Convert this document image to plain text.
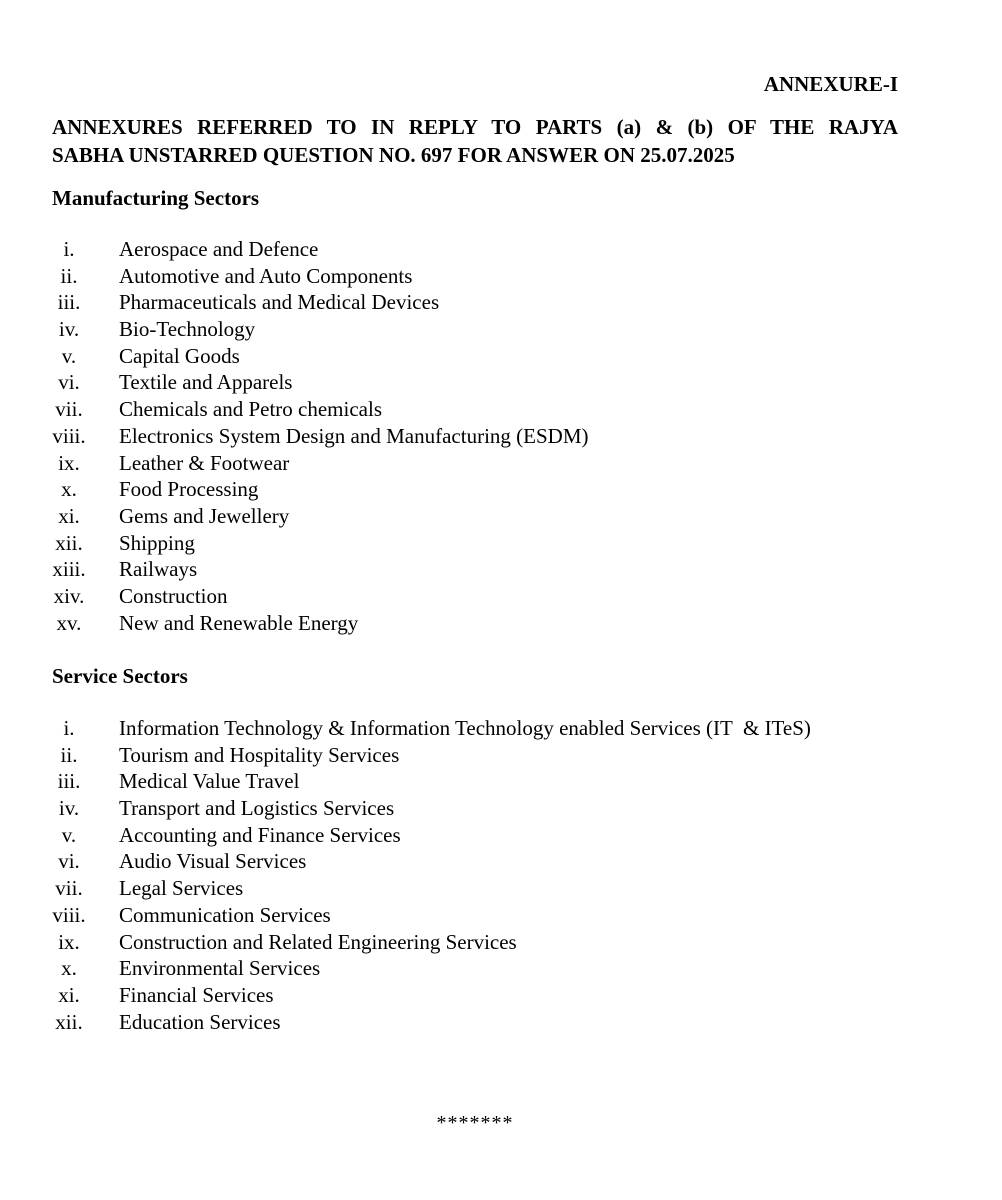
ANNEXURE-I

ANNEXURES REFERRED TO IN REPLY TO PARTS (a) & (b) OF THE RAJYA
SABHA UNSTARRED QUESTION NO. 697 FOR ANSWER ON 25.07.2025
Manufacturing Sectors
i.	Aerospace and Defence
ii.	Automotive and Auto Components
iii.	Pharmaceuticals and Medical Devices
iv.	Bio-Technology
v.	Capital Goods
vi.	Textile and Apparels
vii.	Chemicals and Petro chemicals
viii.	Electronics System Design and Manufacturing (ESDM)
ix.	Leather & Footwear
x.	Food Processing
xi.	Gems and Jewellery
xii.	Shipping
xiii.	Railways
xiv.	Construction
xv.	New and Renewable Energy
Service Sectors
i.	Information Technology & Information Technology enabled Services (IT  & ITeS)
ii.	Tourism and Hospitality Services
iii.	Medical Value Travel
iv.	Transport and Logistics Services
v.	Accounting and Finance Services
vi.	Audio Visual Services
vii.	Legal Services
viii.	Communication Services
ix.	Construction and Related Engineering Services
x.	Environmental Services
xi.	Financial Services
xii.	Education Services
*******
